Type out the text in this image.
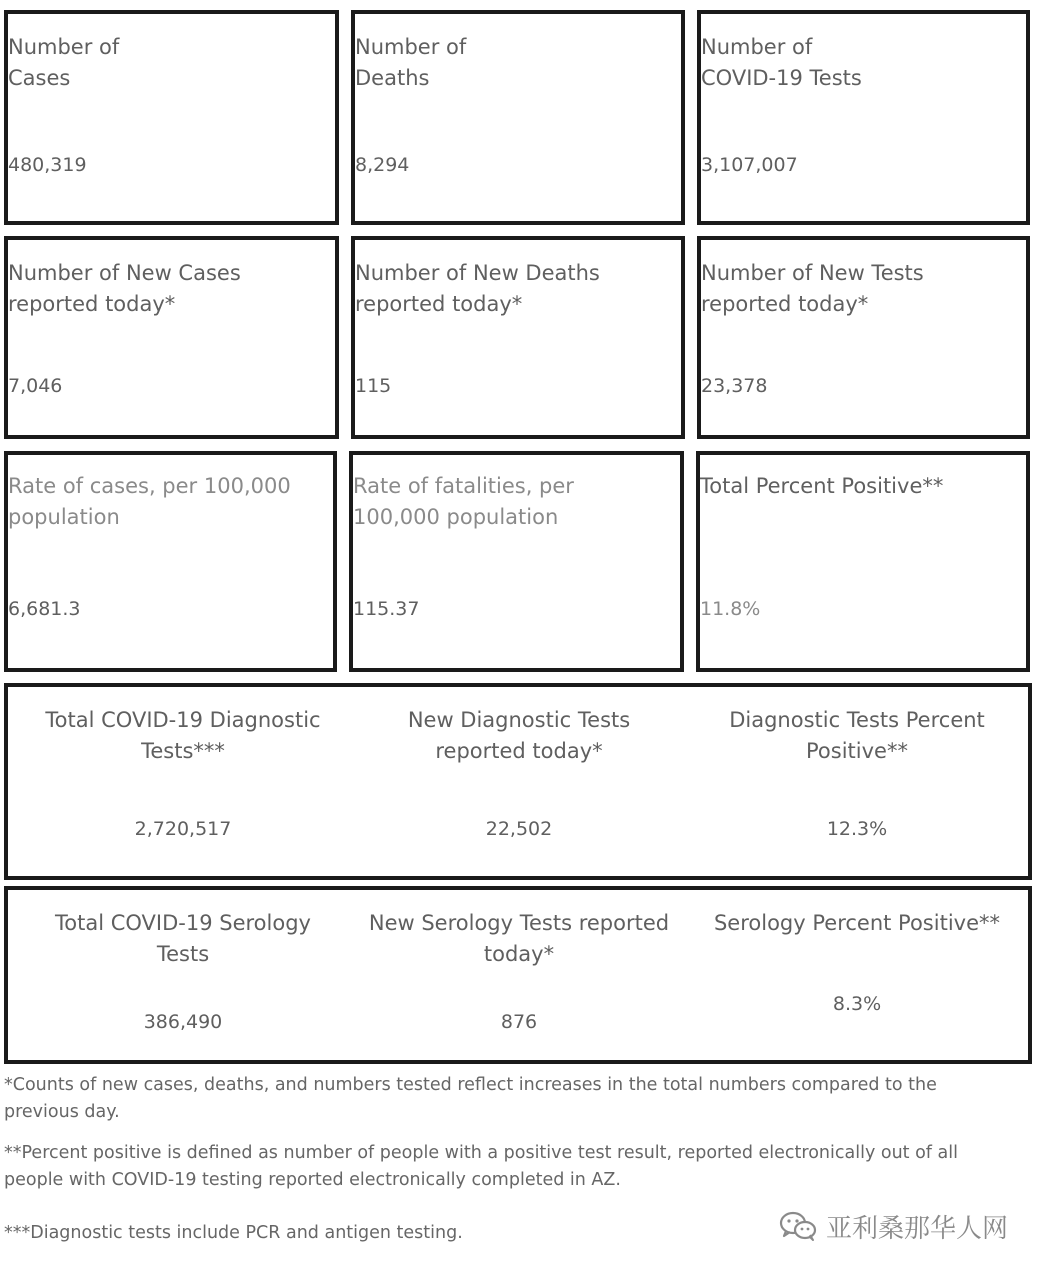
Number of
Cases
480,319
Number of
Deaths
8,294
Number of
COVID-19 Tests
3,107,007
Number of New Cases
reported today*
7,046
Number of New Deaths
reported today*
115
Number of New Tests
reported today*
23,378
Rate of cases, per 100,000
population
6,681.3
Rate of fatalities, per
100,000 population
115.37
Total Percent Positive**
11.8%
Total COVID-19 Diagnostic
Tests***
2,720,517
New Diagnostic Tests
reported today*
22,502
Diagnostic Tests Percent
Positive**
12.3%
Total COVID-19 Serology
Tests
386,490
New Serology Tests reported
today*
876
Serology Percent Positive**
8.3%

*Counts of new cases, deaths, and numbers tested reflect increases in the total numbers compared to the previous day.

**Percent positive is defined as number of people with a positive test result, reported electronically out of all people with COVID-19 testing reported electronically completed in AZ.

***Diagnostic tests include PCR and antigen testing.	亚利桑那华人网
